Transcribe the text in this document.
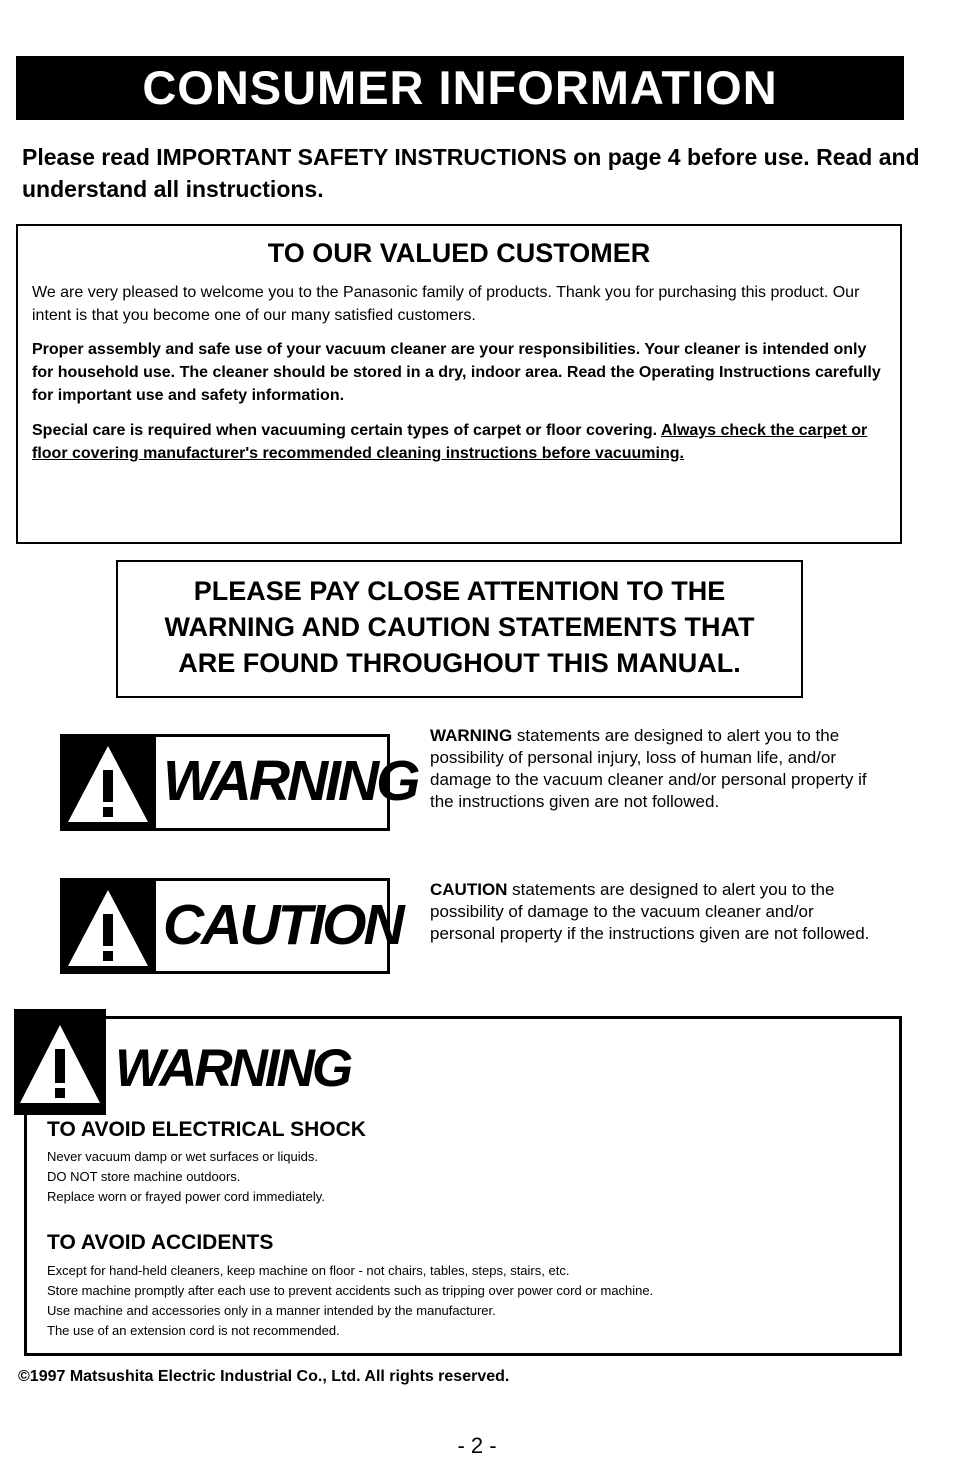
CONSUMER INFORMATION
Please read IMPORTANT SAFETY INSTRUCTIONS on page 4 before use. Read and understand all instructions.
TO OUR VALUED CUSTOMER

We are very pleased to welcome you to the Panasonic family of products. Thank you for purchasing this product. Our intent is that you become one of our many satisfied customers.

Proper assembly and safe use of your vacuum cleaner are your responsibilities. Your cleaner is intended only for household use. The cleaner should be stored in a dry, indoor area. Read the Operating Instructions carefully for important use and safety information.

Special care is required when vacuuming certain types of carpet or floor covering. Always check the carpet or floor covering manufacturer's recommended cleaning instructions before vacuuming.

PLEASE PAY CLOSE ATTENTION TO THE
WARNING AND CAUTION STATEMENTS THAT
ARE FOUND THROUGHOUT THIS MANUAL.
WARNING
WARNING statements are designed to alert you to the possibility of personal injury, loss of human life, and/or damage to the vacuum cleaner and/or personal property if the instructions given are not followed.
CAUTION
CAUTION statements are designed to alert you to the possibility of damage to the vacuum cleaner and/or personal property if the instructions given are not followed.
WARNING
TO AVOID ELECTRICAL SHOCK
Never vacuum damp or wet surfaces or liquids.
DO NOT store machine outdoors.
Replace worn or frayed power cord immediately.
TO AVOID ACCIDENTS
Except for hand-held cleaners, keep machine on floor - not chairs, tables, steps, stairs, etc.
Store machine promptly after each use to prevent accidents such as tripping over power cord or machine.
Use machine and accessories only in a manner intended by the manufacturer.
The use of an extension cord is not recommended.
©1997 Matsushita Electric Industrial Co., Ltd. All rights reserved.
- 2 -
